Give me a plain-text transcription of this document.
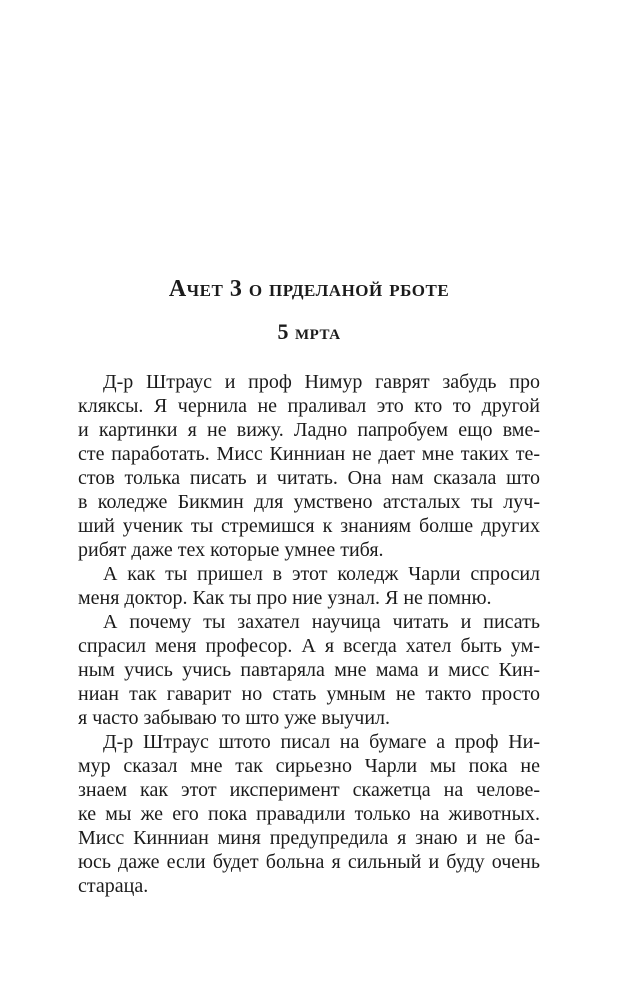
Ачет 3 о прделаной рботе
5 мрта

Д-р Штраус и проф Нимур гаврят забудь про
кляксы. Я чернила не праливал это кто то другой
и картинки я не вижу. Ладно папробуем ещо вме-
сте паработать. Мисс Кинниан не дает мне таких те-
стов толька писать и читать. Она нам сказала што
в коледже Бикмин для умствено атсталых ты луч-
ший ученик ты стремишся к знаниям болше других
рибят даже тех которые умнее тибя.

А как ты пришел в этот коледж Чарли спросил
меня доктор. Как ты про ние узнал. Я не помню.

А почему ты захател научица читать и писать
спрасил меня професор. А я всегда хател быть ум-
ным учись учись павтаряла мне мама и мисс Кин-
ниан так гаварит но стать умным не такто просто
я часто забываю то што уже выучил.

Д-р Штраус штото писал на бумаге а проф Ни-
мур сказал мне так сирьезно Чарли мы пока не
знаем как этот иксперимент скажетца на челове-
ке мы же его пока правадили только на животных.
Мисс Кинниан миня предупредила я знаю и не ба-
юсь даже если будет больна я сильный и буду очень
стараца.
